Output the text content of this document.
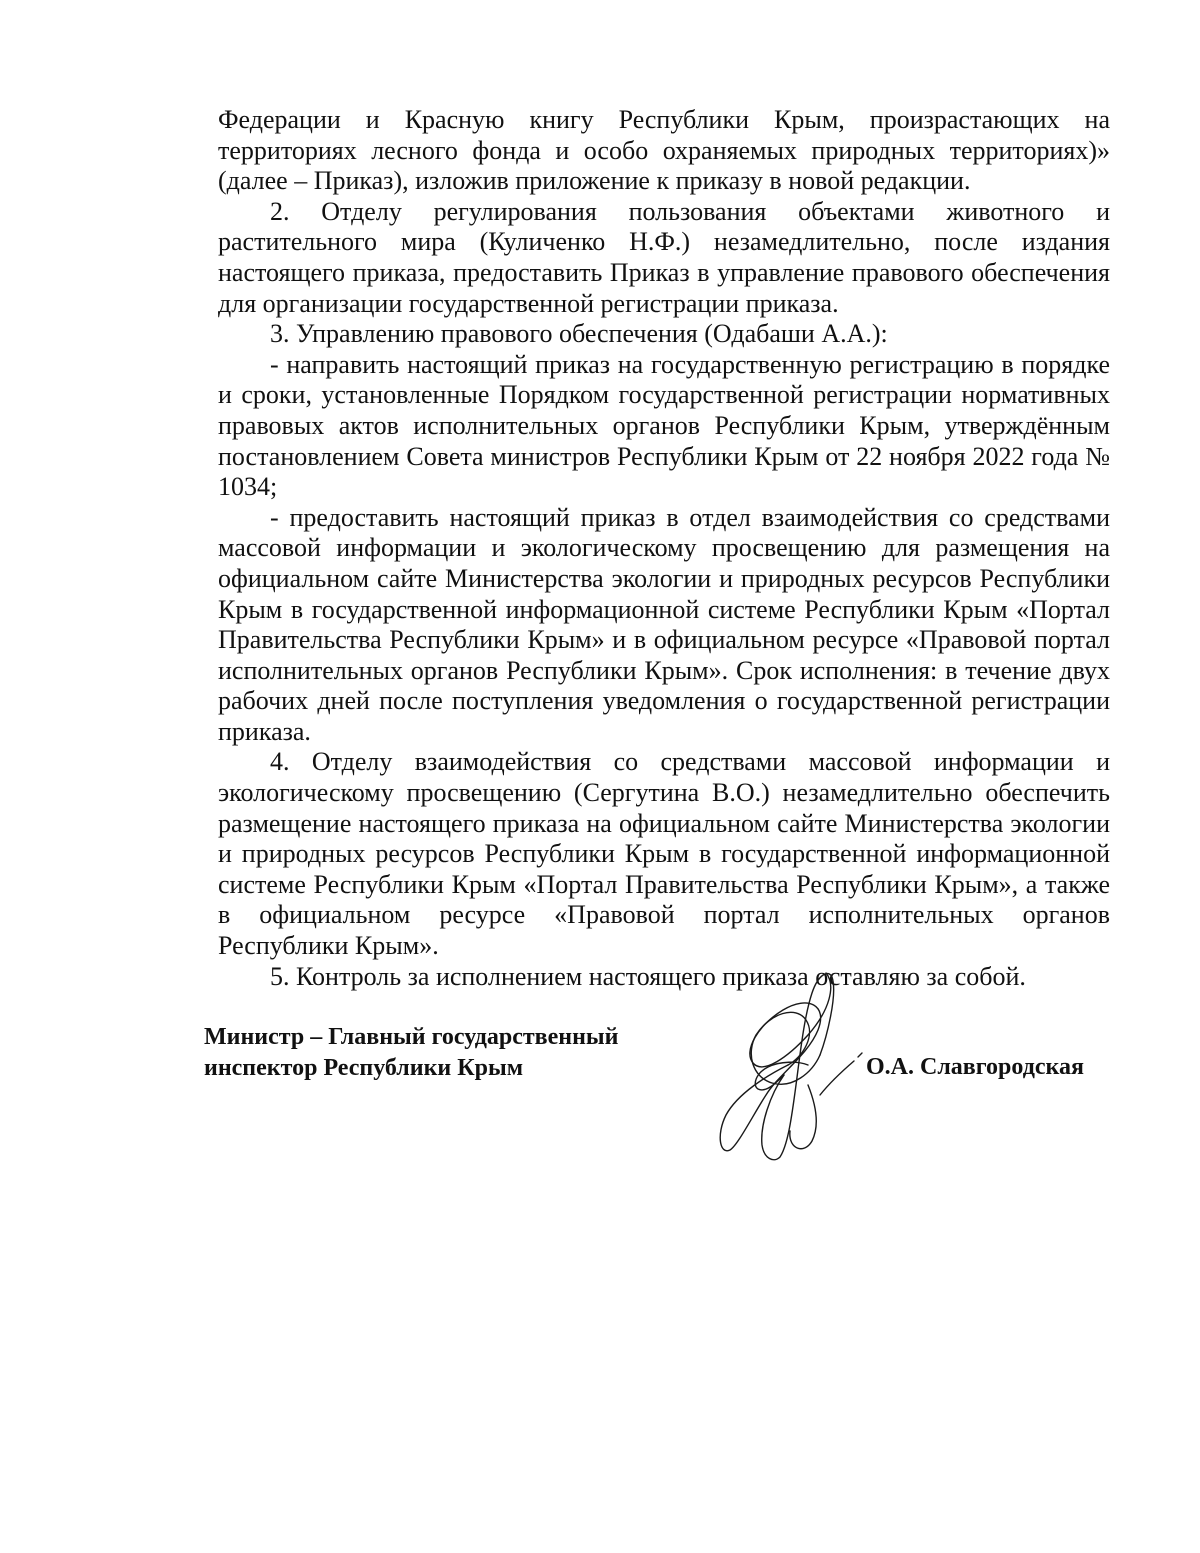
Федерации и Красную книгу Республики Крым, произрастающих на территориях лесного фонда и особо охраняемых природных территориях)» (далее – Приказ), изложив приложение к приказу в новой редакции.

2. Отделу регулирования пользования объектами животного и растительного мира (Куличенко Н.Ф.) незамедлительно, после издания настоящего приказа, предоставить Приказ в управление правового обеспечения для организации государственной регистрации приказа.

3. Управлению правового обеспечения (Одабаши А.А.):

- направить настоящий приказ на государственную регистрацию в порядке и сроки, установленные Порядком государственной регистрации нормативных правовых актов исполнительных органов Республики Крым, утверждённым постановлением Совета министров Республики Крым от 22 ноября 2022 года № 1034;

- предоставить настоящий приказ в отдел взаимодействия со средствами массовой информации и экологическому просвещению для размещения на официальном сайте Министерства экологии и природных ресурсов Республики Крым в государственной информационной системе Республики Крым «Портал Правительства Республики Крым» и в официальном ресурсе «Правовой портал исполнительных органов Республики Крым». Срок исполнения: в течение двух рабочих дней после поступления уведомления о государственной регистрации приказа.

4. Отделу взаимодействия со средствами массовой информации и экологическому просвещению (Сергутина В.О.) незамедлительно обеспечить размещение настоящего приказа на официальном сайте Министерства экологии и природных ресурсов Республики Крым в государственной информационной системе Республики Крым «Портал Правительства Республики Крым», а также в официальном ресурсе «Правовой портал исполнительных органов Республики Крым».

5. Контроль за исполнением настоящего приказа оставляю за собой.

Министр – Главный государственный
инспектор Республики Крым	О.А. Славгородская
